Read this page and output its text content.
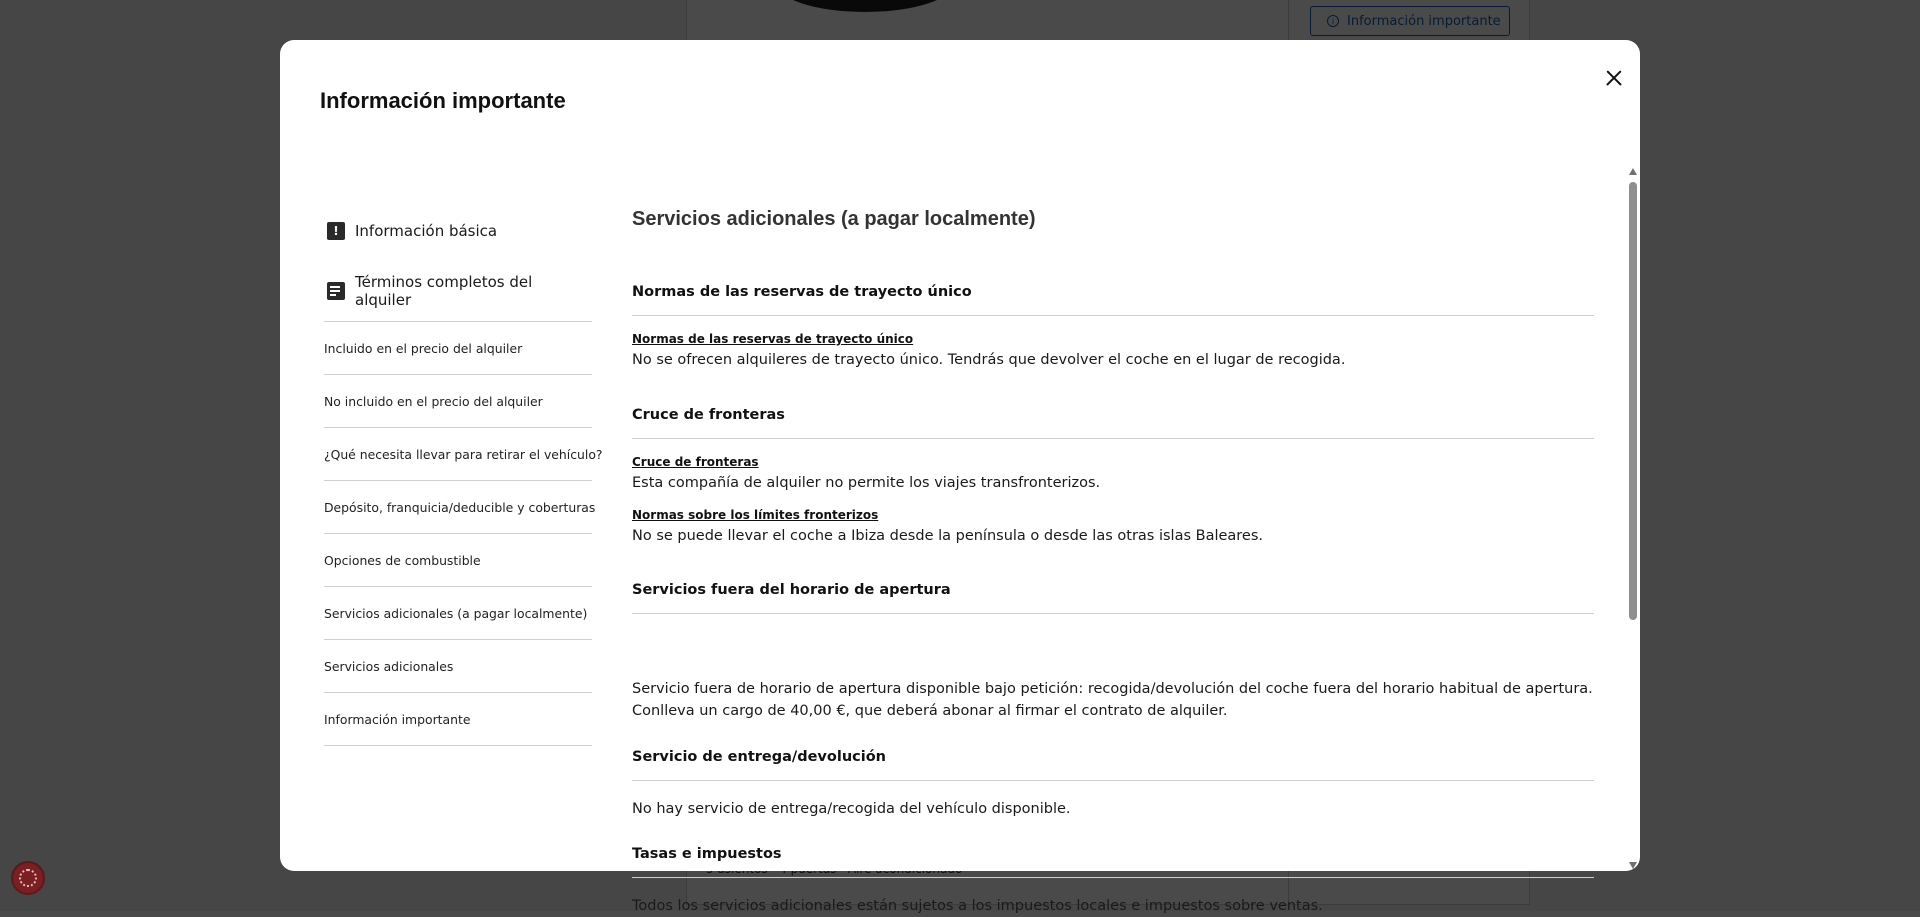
Información importante
!	Información básica
Términos completos del alquiler
Incluido en el precio del alquiler
No incluido en el precio del alquiler
¿Qué necesita llevar para retirar el vehículo?
Depósito, franquicia/deducible y coberturas
Opciones de combustible
Servicios adicionales (a pagar localmente)
Servicios adicionales
Información importante
Servicios adicionales (a pagar localmente)
Normas de las reservas de trayecto único
Normas de las reservas de trayecto único
No se ofrecen alquileres de trayecto único. Tendrás que devolver el coche en el lugar de recogida.
Cruce de fronteras
Cruce de fronteras
Esta compañía de alquiler no permite los viajes transfronterizos.
Normas sobre los límites fronterizos
No se puede llevar el coche a Ibiza desde la península o desde las otras islas Baleares.
Servicios fuera del horario de apertura
Servicio fuera de horario de apertura disponible bajo petición: recogida/devolución del coche fuera del horario habitual de apertura.
Conlleva un cargo de 40,00 €, que deberá abonar al firmar el contrato de alquiler.
Servicio de entrega/devolución
No hay servicio de entrega/recogida del vehículo disponible.
Tasas e impuestos
Todos los servicios adicionales están sujetos a los impuestos locales e impuestos sobre ventas.
